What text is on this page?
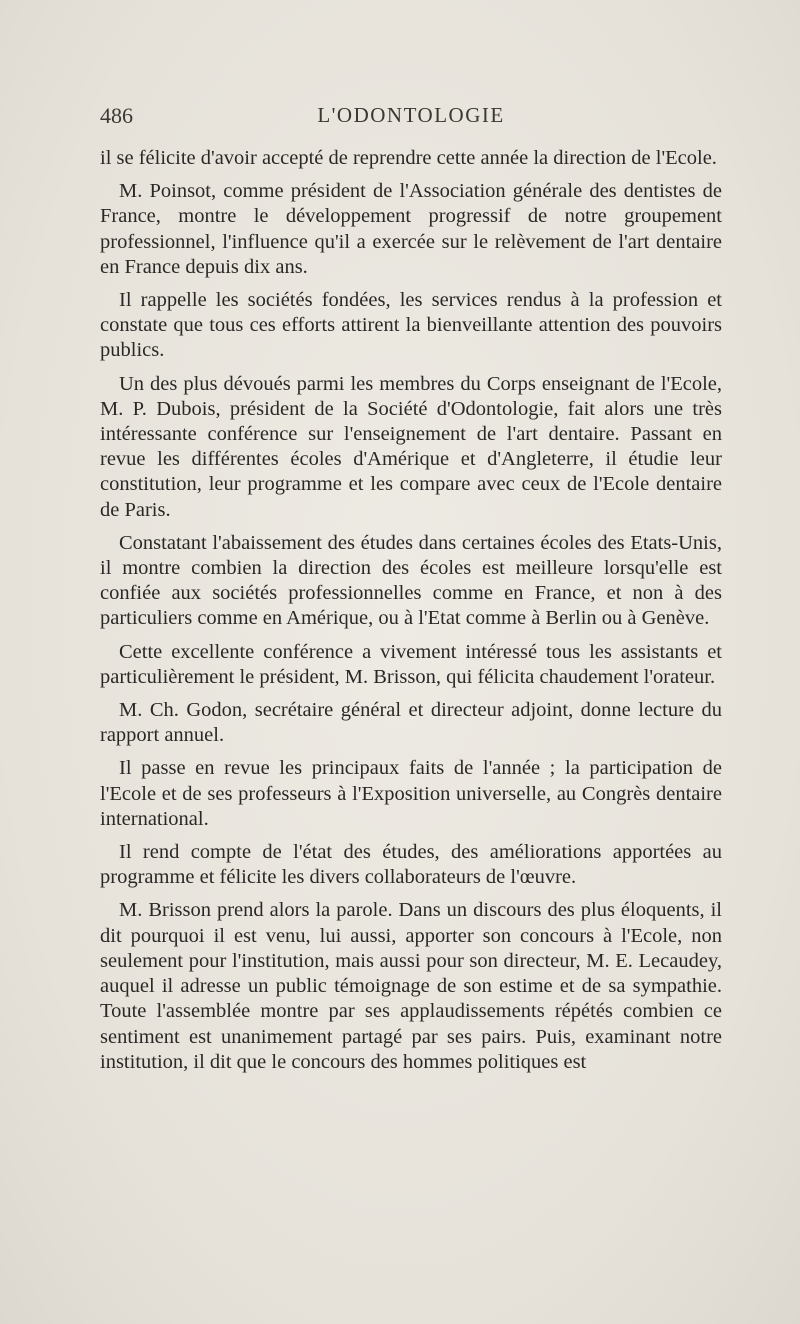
486	L'ODONTOLOGIE

il se félicite d'avoir accepté de reprendre cette année la direction de l'Ecole.

M. Poinsot, comme président de l'Association générale des dentistes de France, montre le développement progressif de notre groupement professionnel, l'influence qu'il a exercée sur le relèvement de l'art dentaire en France depuis dix ans.

Il rappelle les sociétés fondées, les services rendus à la profession et constate que tous ces efforts attirent la bienveillante attention des pouvoirs publics.

Un des plus dévoués parmi les membres du Corps enseignant de l'Ecole, M. P. Dubois, président de la Société d'Odontologie, fait alors une très intéressante conférence sur l'enseignement de l'art dentaire. Passant en revue les différentes écoles d'Amérique et d'Angleterre, il étudie leur constitution, leur programme et les compare avec ceux de l'Ecole dentaire de Paris.

Constatant l'abaissement des études dans certaines écoles des Etats-Unis, il montre combien la direction des écoles est meilleure lorsqu'elle est confiée aux sociétés professionnelles comme en France, et non à des particuliers comme en Amérique, ou à l'Etat comme à Berlin ou à Genève.

Cette excellente conférence a vivement intéressé tous les assistants et particulièrement le président, M. Brisson, qui félicita chaudement l'orateur.

M. Ch. Godon, secrétaire général et directeur adjoint, donne lecture du rapport annuel.

Il passe en revue les principaux faits de l'année ; la participation de l'Ecole et de ses professeurs à l'Exposition universelle, au Congrès dentaire international.

Il rend compte de l'état des études, des améliorations apportées au programme et félicite les divers collaborateurs de l'œuvre.

M. Brisson prend alors la parole. Dans un discours des plus éloquents, il dit pourquoi il est venu, lui aussi, apporter son concours à l'Ecole, non seulement pour l'institution, mais aussi pour son directeur, M. E. Lecaudey, auquel il adresse un public témoignage de son estime et de sa sympathie. Toute l'assemblée montre par ses applaudissements répétés combien ce sentiment est unanimement partagé par ses pairs. Puis, examinant notre institution, il dit que le concours des hommes politiques est
